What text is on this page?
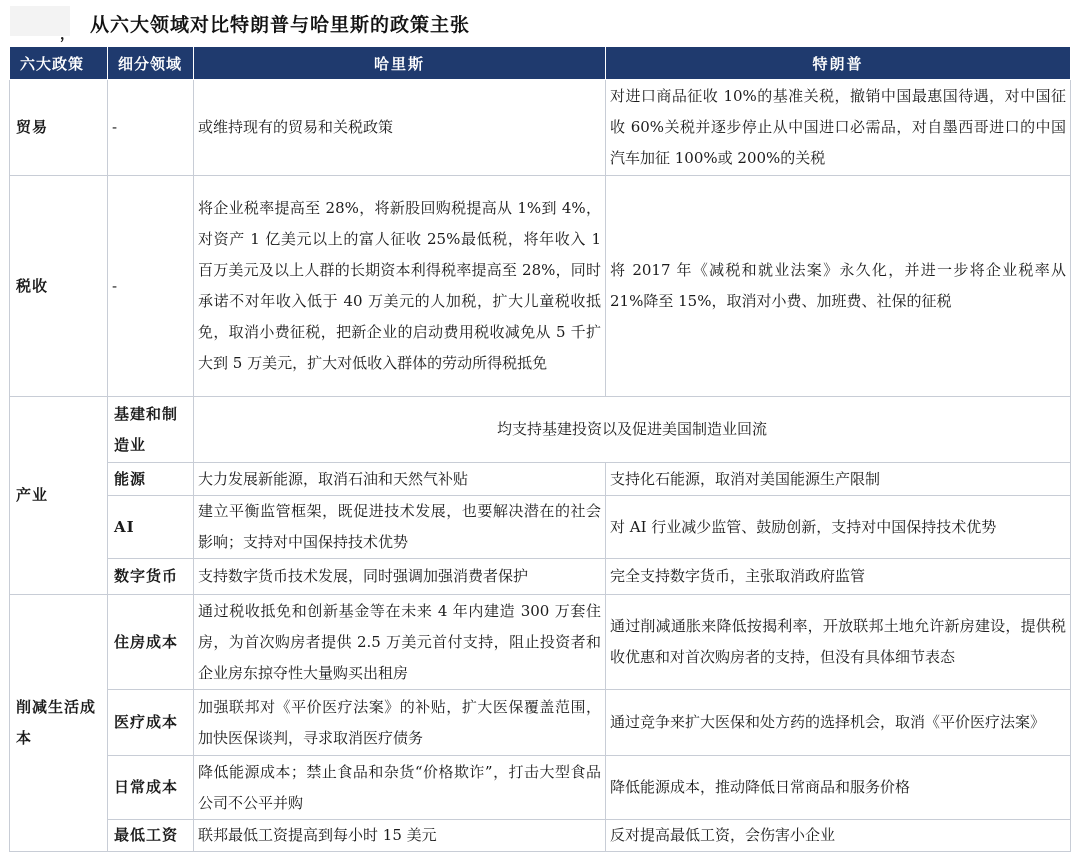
， 从六大领域对比特朗普与哈里斯的政策主张
六大政策	细分领域	哈里斯	特朗普
贸易	-	或维持现有的贸易和关税政策	对进口商品征收 10%的基准关税，撤销中国最惠国待遇，对中国征收 60%关税并逐步停止从中国进口必需品，对自墨西哥进口的中国汽车加征 100%或 200%的关税
税收	-	将企业税率提高至 28%，将新股回购税提高从 1%到 4%，对资产 1 亿美元以上的富人征收 25%最低税，将年收入 1 百万美元及以上人群的长期资本利得税率提高至 28%，同时承诺不对年收入低于 40 万美元的人加税，扩大儿童税收抵免，取消小费征税，把新企业的启动费用税收减免从 5 千扩大到 5 万美元，扩大对低收入群体的劳动所得税抵免	将 2017 年《减税和就业法案》永久化，并进一步将企业税率从 21%降至 15%，取消对小费、加班费、社保的征税
产业	基建和制造业	均支持基建投资以及促进美国制造业回流	
	能源	大力发展新能源，取消石油和天然气补贴	支持化石能源，取消对美国能源生产限制
	AI	建立平衡监管框架，既促进技术发展，也要解决潜在的社会影响；支持对中国保持技术优势	对 AI 行业减少监管、鼓励创新，支持对中国保持技术优势
	数字货币	支持数字货币技术发展，同时强调加强消费者保护	完全支持数字货币，主张取消政府监管
削减生活成本	住房成本	通过税收抵免和创新基金等在未来 4 年内建造 300 万套住房，为首次购房者提供 2.5 万美元首付支持，阻止投资者和企业房东掠夺性大量购买出租房	通过削减通胀来降低按揭利率，开放联邦土地允许新房建设，提供税收优惠和对首次购房者的支持，但没有具体细节表态
	医疗成本	加强联邦对《平价医疗法案》的补贴，扩大医保覆盖范围，加快医保谈判，寻求取消医疗债务	通过竞争来扩大医保和处方药的选择机会，取消《平价医疗法案》
	日常成本	降低能源成本；禁止食品和杂货“价格欺诈”，打击大型食品公司不公平并购	降低能源成本，推动降低日常商品和服务价格
	最低工资	联邦最低工资提高到每小时 15 美元	反对提高最低工资，会伤害小企业
